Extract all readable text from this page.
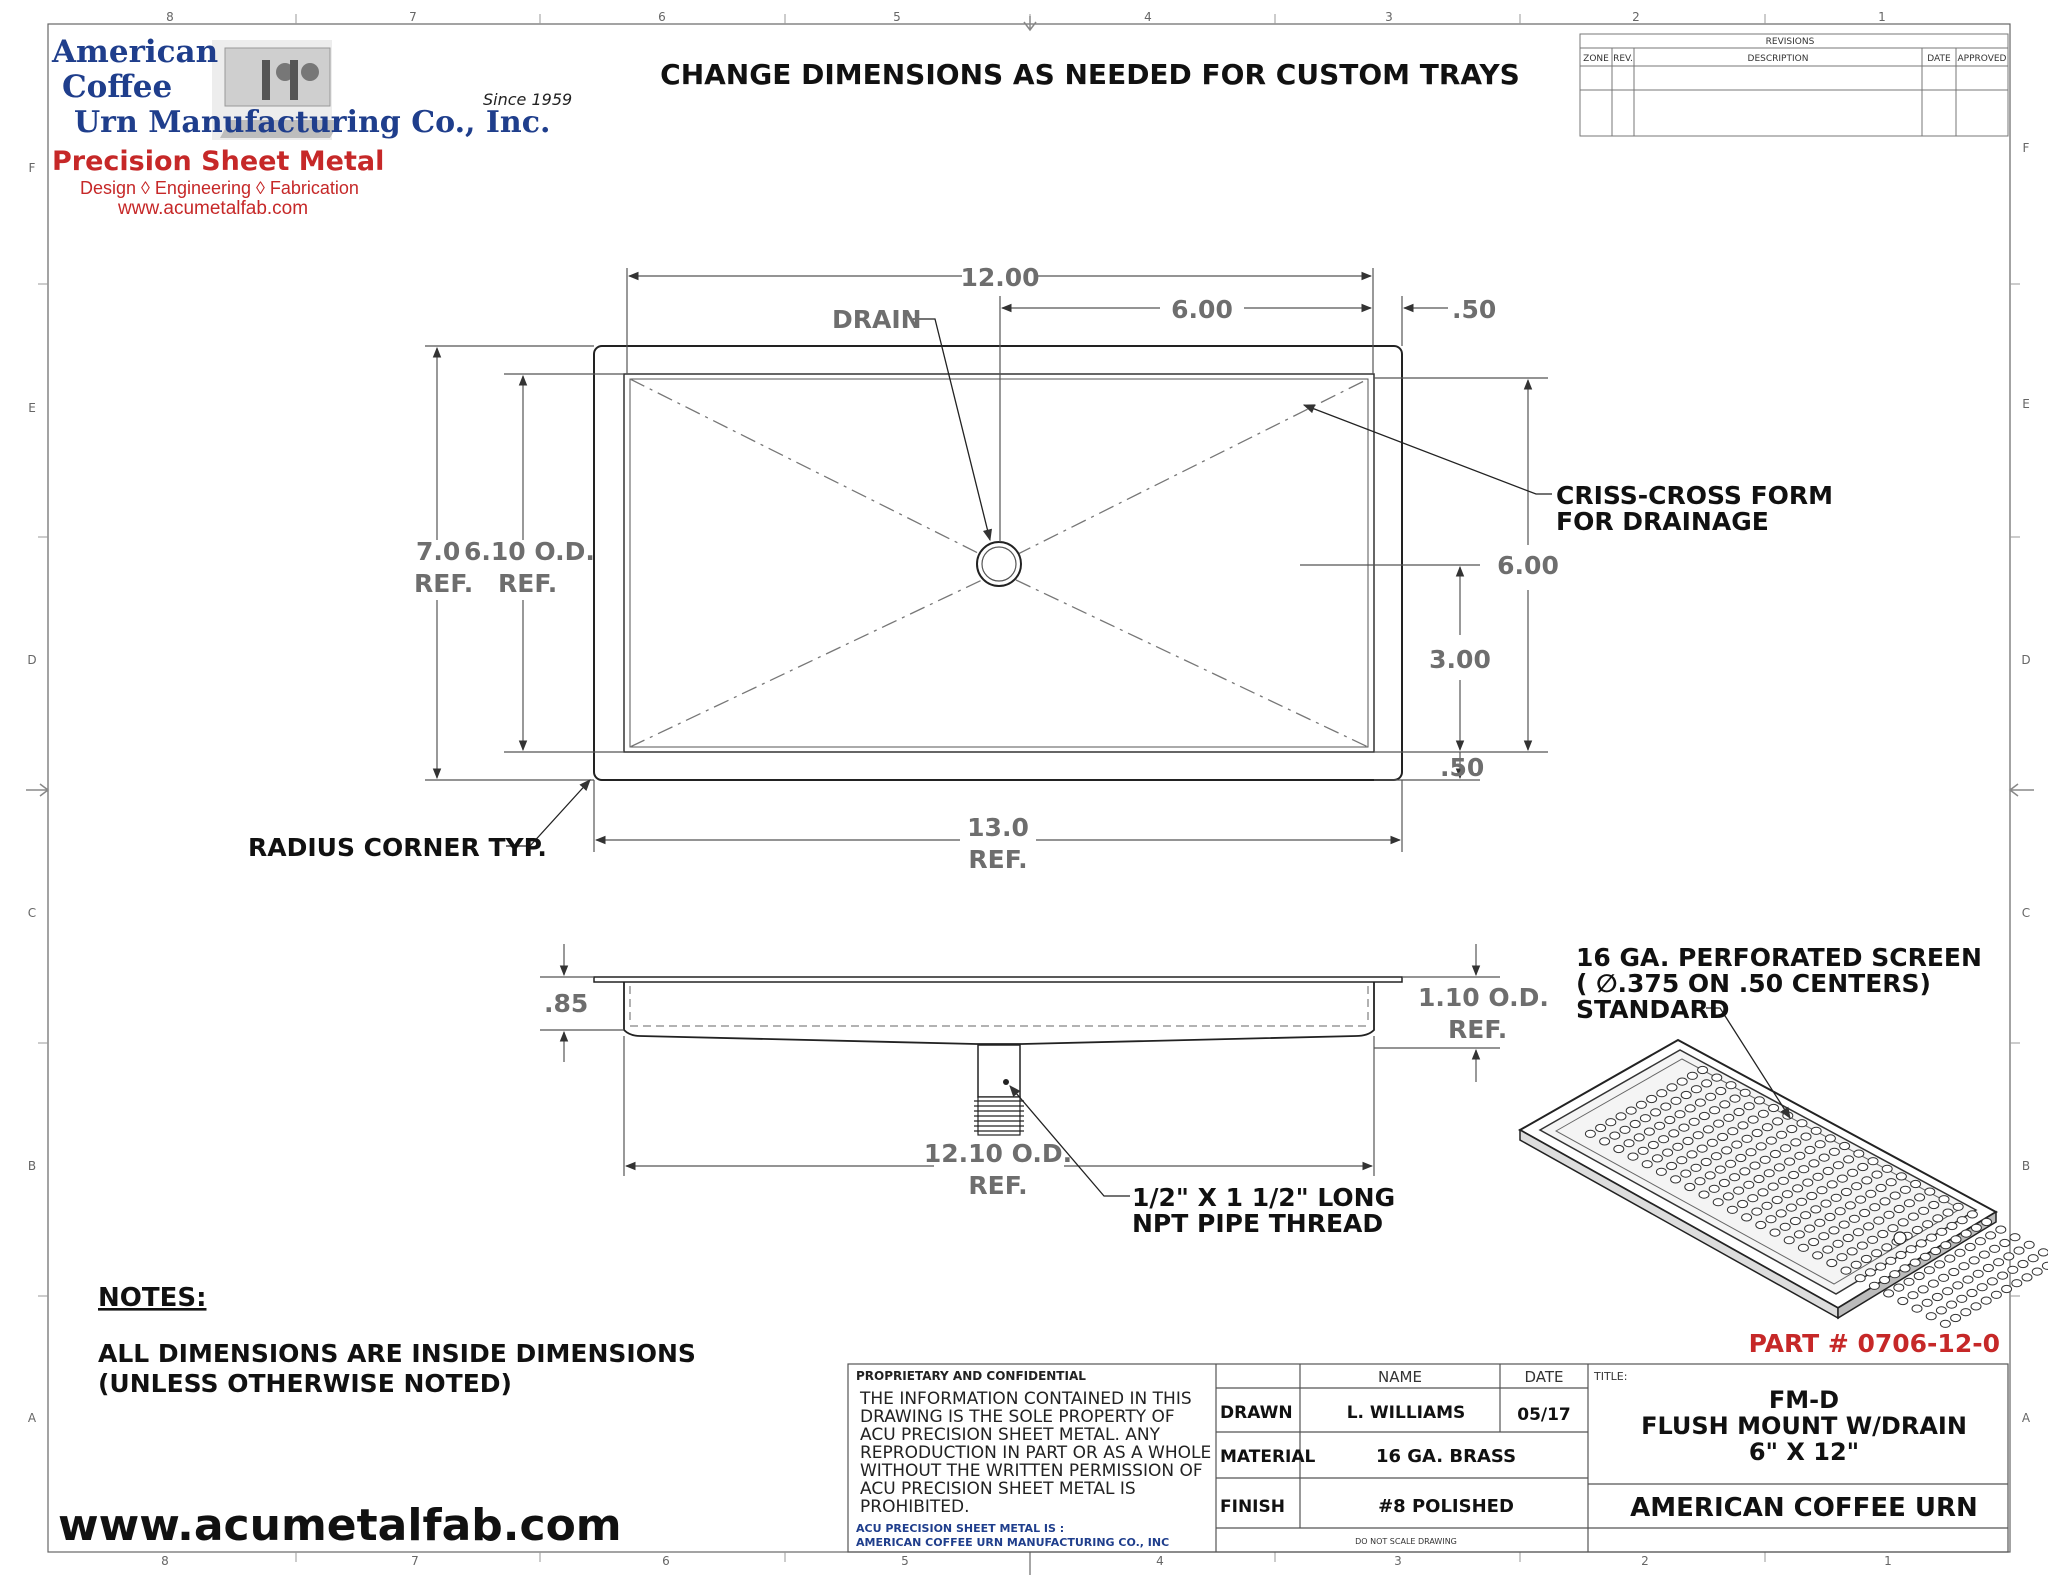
8	7	6	5	4	3	2	1
8	7	6	5	4	3	2	1
F
E
D
C
B
A
F
E
D
C
B
A
REVISIONS
ZONE REV.	DESCRIPTION	DATE APPROVED
CHANGE DIMENSIONS AS NEEDED FOR CUSTOM TRAYS
Since 1959
12.00
6.00	.50
DRAIN
7.0
REF.
6.10 O.D.
REF.
6.00
3.00
.50
13.0
REF.
RADIUS CORNER TYP.
CRISS-CROSS FORM
FOR DRAINAGE
.85	1.10 O.D.
REF.
12.10 O.D.
REF.	1/2" X 1 1/2" LONG
NPT PIPE THREAD
16 GA. PERFORATED SCREEN
( ∅.375 ON .50 CENTERS)
STANDARD
NOTES:
ALL DIMENSIONS ARE INSIDE DIMENSIONS
(UNLESS OTHERWISE NOTED)
www.acumetalfab.com
PART # 0706-12-0
PROPRIETARY AND CONFIDENTIAL
THE INFORMATION CONTAINED IN THIS
DRAWING IS THE SOLE PROPERTY OF
ACU PRECISION SHEET METAL. ANY
REPRODUCTION IN PART OR AS A WHOLE
WITHOUT THE WRITTEN PERMISSION OF
ACU PRECISION SHEET METAL IS
PROHIBITED.
ACU PRECISION SHEET METAL IS :
AMERICAN COFFEE URN MANUFACTURING CO., INC
NAME	DATE
DRAWN	L. WILLIAMS	05/17
MATERIAL	16 GA. BRASS
FINISH	#8 POLISHED
DO NOT SCALE DRAWING
TITLE:
FM-D
FLUSH MOUNT W/DRAIN
6" X 12"
AMERICAN COFFEE URN
American
Coffee
Urn Manufacturing Co., Inc.
Precision Sheet Metal
Design ◊ Engineering ◊ Fabrication
www.acumetalfab.com
